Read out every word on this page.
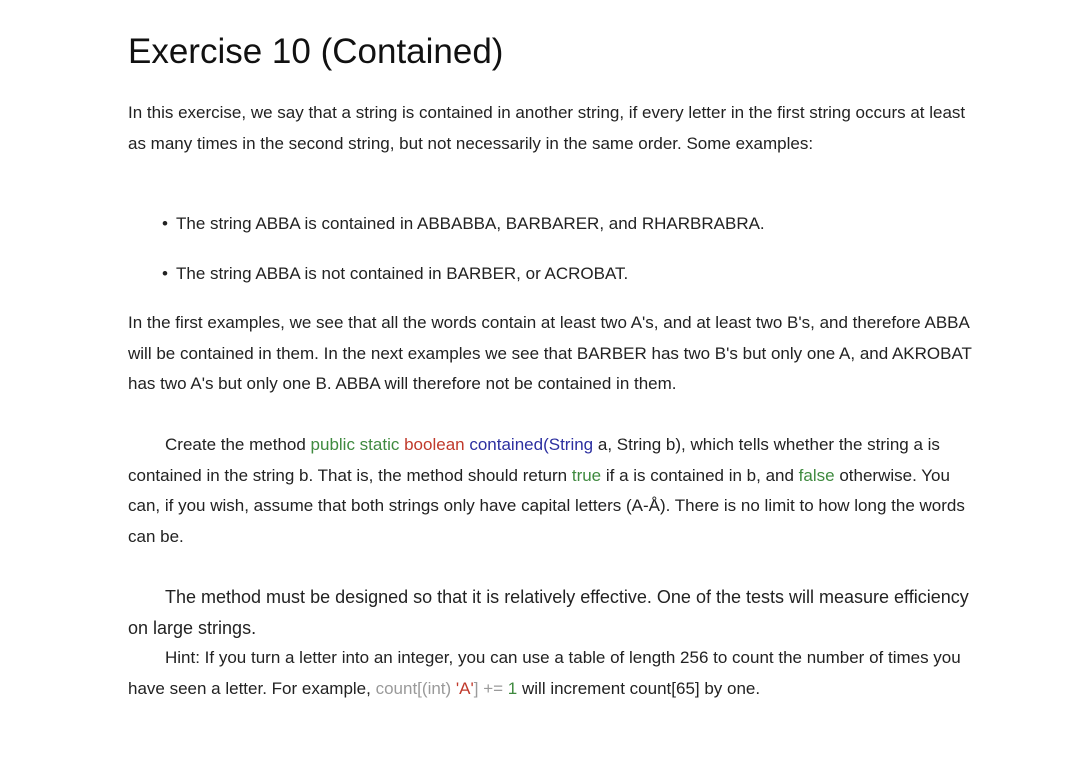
Exercise 10 (Contained)

In this exercise, we say that a string is contained in another string, if every letter in the first string occurs at least as many times in the second string, but not necessarily in the same order. Some examples:

• The string ABBA is contained in ABBABBA, BARBARER, and RHARBRABRA.
• The string ABBA is not contained in BARBER, or ACROBAT.

In the first examples, we see that all the words contain at least two A's, and at least two B's, and therefore ABBA will be contained in them. In the next examples we see that BARBER has two B's but only one A, and AKROBAT has two A's but only one B. ABBA will therefore not be contained in them.

Create the method public static boolean contained(String a, String b), which tells whether the string a is contained in the string b. That is, the method should return true if a is contained in b, and false otherwise. You can, if you wish, assume that both strings only have capital letters (A-Å). There is no limit to how long the words can be.

The method must be designed so that it is relatively effective. One of the tests will measure efficiency on large strings.

Hint: If you turn a letter into an integer, you can use a table of length 256 to count the number of times you have seen a letter. For example, count[(int) 'A'] += 1 will increment count[65] by one.
